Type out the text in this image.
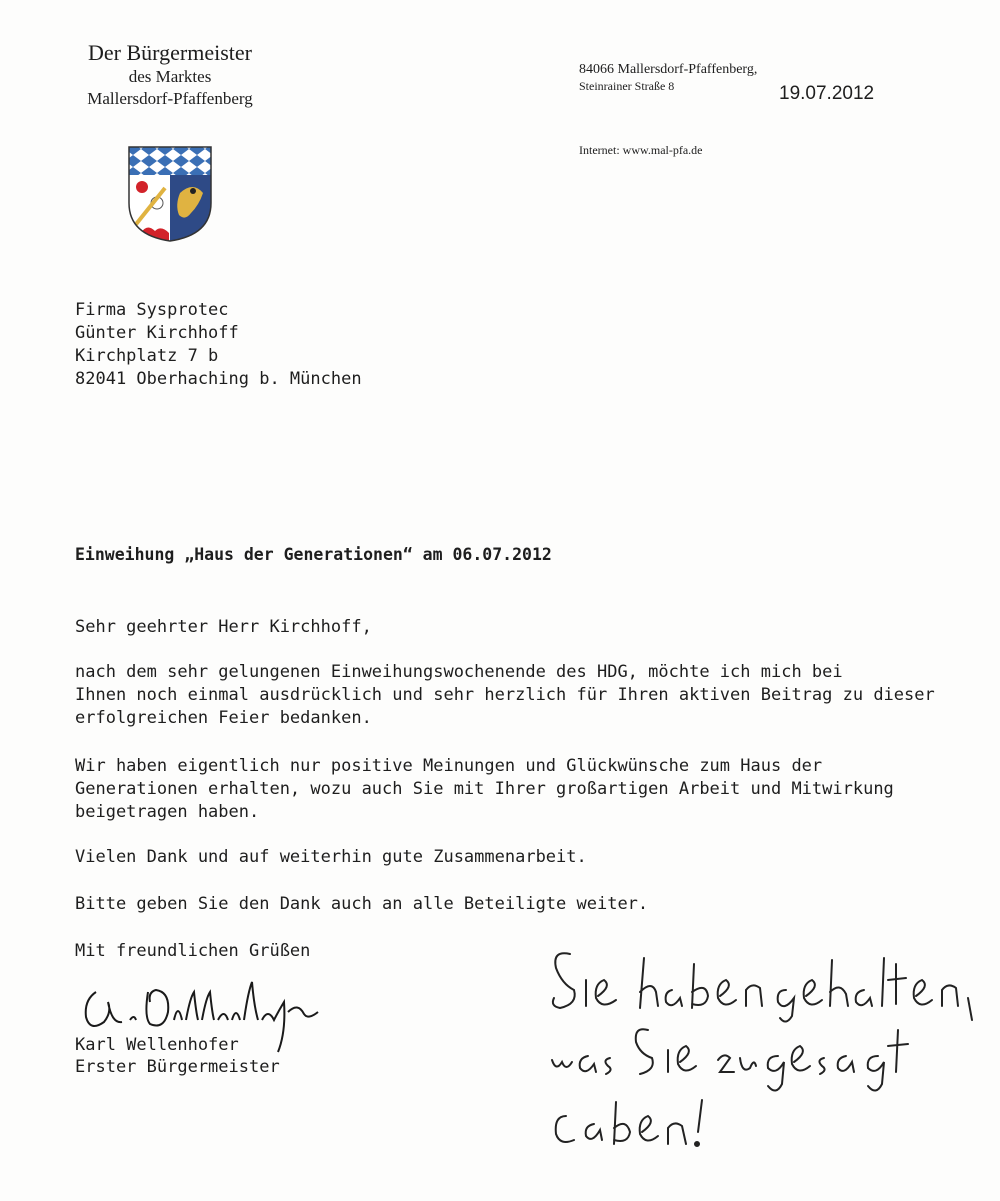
Der Bürgermeister
des Marktes
Mallersdorf-Pfaffenberg
84066 Mallersdorf-Pfaffenberg,
Steinrainer Straße 8	19.07.2012
Internet: www.mal-pfa.de
Firma Sysprotec
Günter Kirchhoff
Kirchplatz 7 b
82041 Oberhaching b. München
Einweihung „Haus der Generationen“ am 06.07.2012
Sehr geehrter Herr Kirchhoff,
nach dem sehr gelungenen Einweihungswochenende des HDG, möchte ich mich bei
Ihnen noch einmal ausdrücklich und sehr herzlich für Ihren aktiven Beitrag zu dieser
erfolgreichen Feier bedanken.
Wir haben eigentlich nur positive Meinungen und Glückwünsche zum Haus der
Generationen erhalten, wozu auch Sie mit Ihrer großartigen Arbeit und Mitwirkung
beigetragen haben.
Vielen Dank und auf weiterhin gute Zusammenarbeit.
Bitte geben Sie den Dank auch an alle Beteiligte weiter.
Mit freundlichen Grüßen
Karl Wellenhofer
Erster Bürgermeister
